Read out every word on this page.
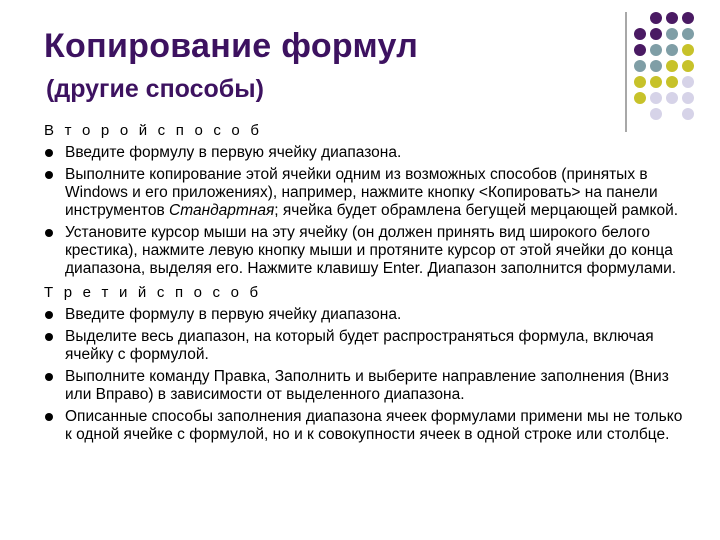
Копирование формул
(другие способы)

В т о р о й с п о с о б

Введите формулу в первую ячейку диапазона.
Выполните копирование этой ячейки одним из возможных способов (принятых в Windows и его приложениях), например, нажмите кнопку <Копировать> на панели инструментов Стандартная; ячейка будет обрамлена бегущей мерцающей рамкой.
Установите курсор мыши на эту ячейку (он должен принять вид широкого белого крестика), нажмите левую кнопку мыши и протяните курсор от этой ячейки до конца диапазона, выделяя его. Нажмите клавишу Enter. Диапазон заполнится формулами.

Т р е т и й с п о с о б

Введите формулу в первую ячейку диапазона.
Выделите весь диапазон, на который будет распространяться формула, включая ячейку с формулой.
Выполните команду Правка, Заполнить и выберите направление заполнения (Вниз или Вправо) в зависимости от выделенного диапазона.
Описанные способы заполнения диапазона ячеек формулами примени мы не только к одной ячейке с формулой, но и к совокупности ячеек в одной строке или столбце.
